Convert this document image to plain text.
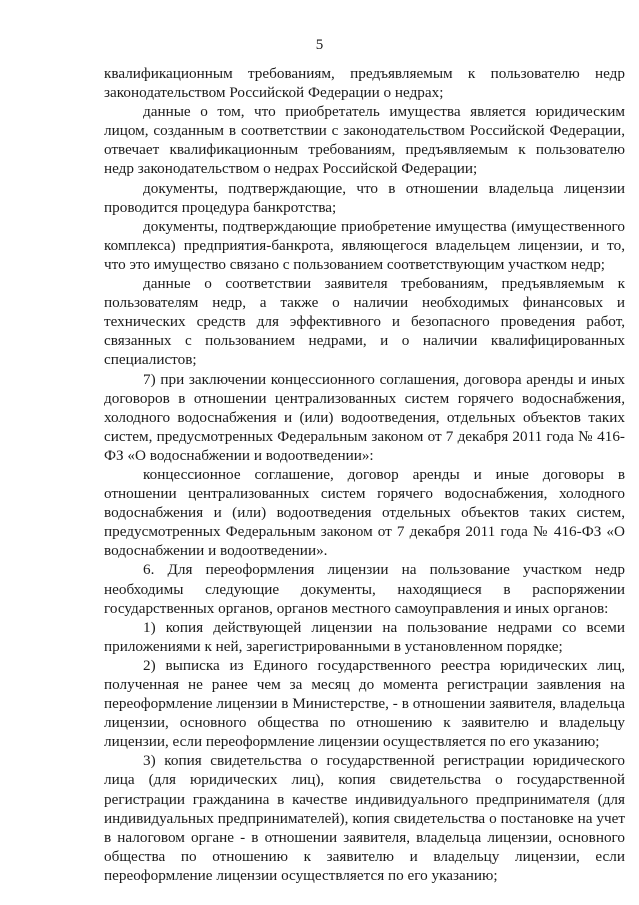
5

квалификационным требованиям, предъявляемым к пользователю недр законодательством Российской Федерации о недрах;

данные о том, что приобретатель имущества является юридическим лицом, созданным в соответствии с законодательством Российской Федерации, отвечает квалификационным требованиям, предъявляемым к пользователю недр законодательством о недрах Российской Федерации;

документы, подтверждающие, что в отношении владельца лицензии проводится процедура банкротства;

документы, подтверждающие приобретение имущества (имущественного комплекса) предприятия-банкрота, являющегося владельцем лицензии, и то, что это имущество связано с пользованием соответствующим участком недр;

данные о соответствии заявителя требованиям, предъявляемым к пользователям недр, а также о наличии необходимых финансовых и технических средств для эффективного и безопасного проведения работ, связанных с пользованием недрами, и о наличии квалифицированных специалистов;

7) при заключении концессионного соглашения, договора аренды и иных договоров в отношении централизованных систем горячего водоснабжения, холодного водоснабжения и (или) водоотведения, отдельных объектов таких систем, предусмотренных Федеральным законом от 7 декабря 2011 года № 416-ФЗ «О водоснабжении и водоотведении»:

концессионное соглашение, договор аренды и иные договоры в отношении централизованных систем горячего водоснабжения, холодного водоснабжения и (или) водоотведения отдельных объектов таких систем, предусмотренных Федеральным законом от 7 декабря 2011 года № 416-ФЗ «О водоснабжении и водоотведении».

6. Для переоформления лицензии на пользование участком недр необходимы следующие документы, находящиеся в распоряжении государственных органов, органов местного самоуправления и иных органов:

1) копия действующей лицензии на пользование недрами со всеми приложениями к ней, зарегистрированными в установленном порядке;

2) выписка из Единого государственного реестра юридических лиц, полученная не ранее чем за месяц до момента регистрации заявления на переоформление лицензии в Министерстве, - в отношении заявителя, владельца лицензии, основного общества по отношению к заявителю и владельцу лицензии, если переоформление лицензии осуществляется по его указанию;

3) копия свидетельства о государственной регистрации юридического лица (для юридических лиц), копия свидетельства о государственной регистрации гражданина в качестве индивидуального предпринимателя (для индивидуальных предпринимателей), копия свидетельства о постановке на учет в налоговом органе - в отношении заявителя, владельца лицензии, основного общества по отношению к заявителю и владельцу лицензии, если переоформление лицензии осуществляется по его указанию;
